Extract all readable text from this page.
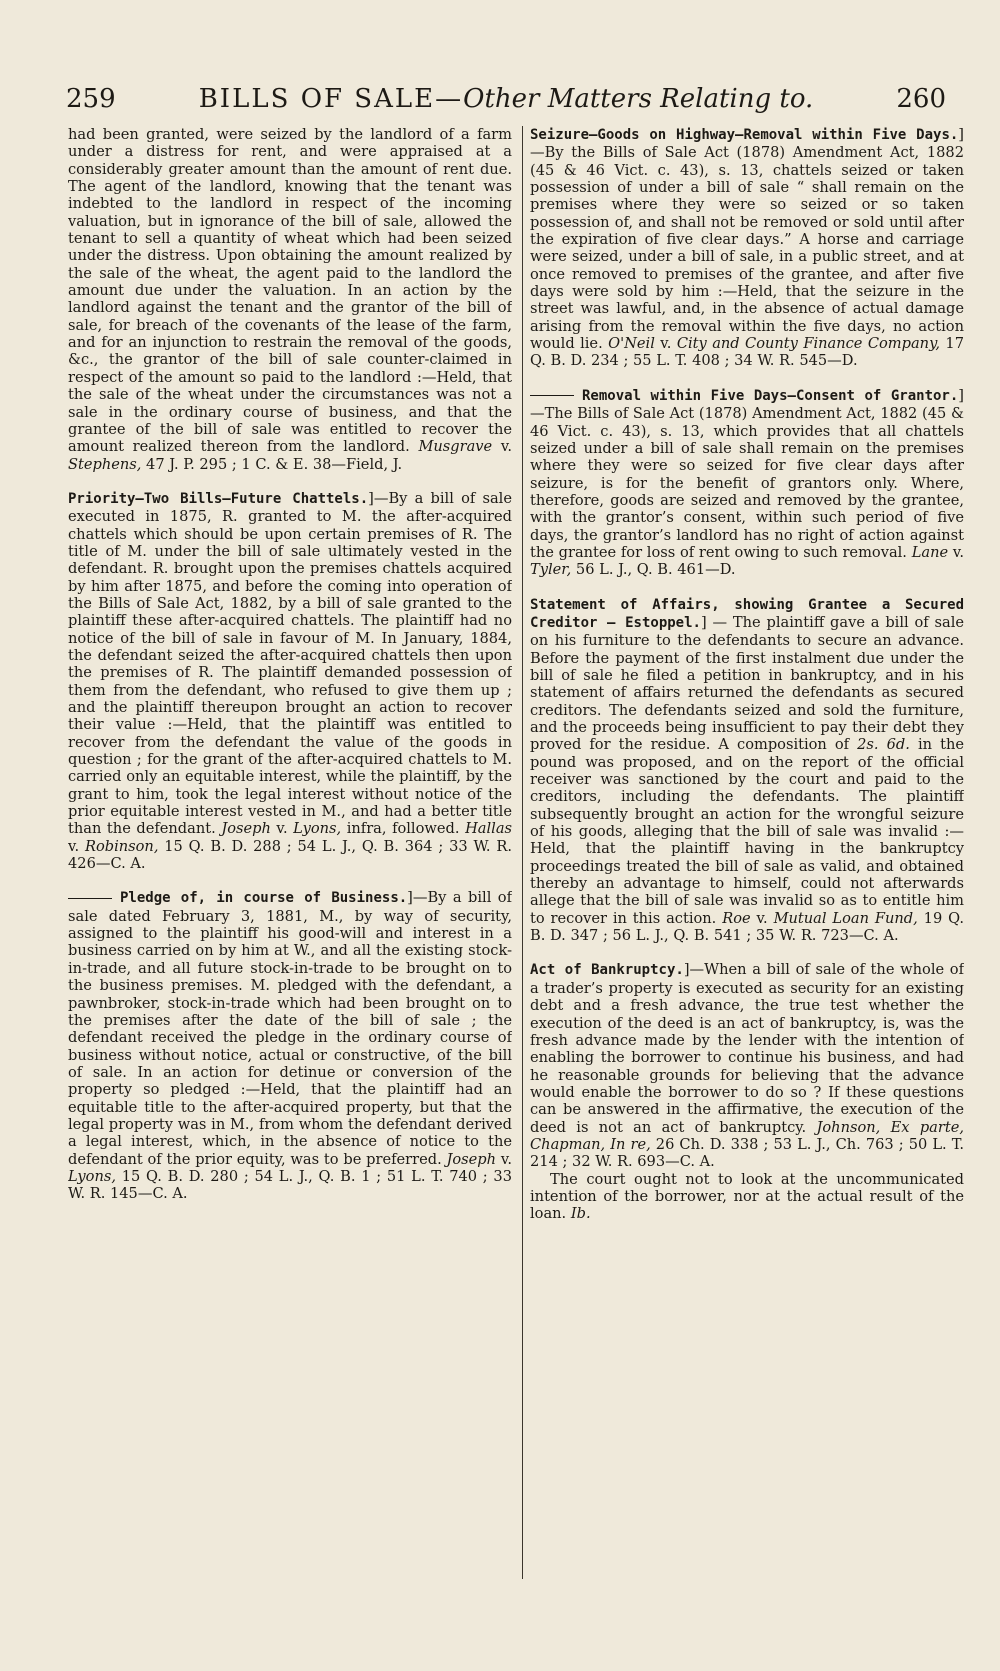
259	BILLS OF SALE—Other Matters Relating to.	260

had been granted, were seized by the landlord of a farm under a distress for rent, and were appraised at a considerably greater amount than the amount of rent due. The agent of the landlord, knowing that the tenant was indebted to the landlord in respect of the incoming valuation, but in ignorance of the bill of sale, allowed the tenant to sell a quantity of wheat which had been seized under the distress. Upon obtaining the amount realized by the sale of the wheat, the agent paid to the landlord the amount due under the valuation. In an action by the landlord against the tenant and the grantor of the bill of sale, for breach of the covenants of the lease of the farm, and for an injunction to restrain the removal of the goods, &c., the grantor of the bill of sale counter-claimed in respect of the amount so paid to the landlord :—Held, that the sale of the wheat under the circumstances was not a sale in the ordinary course of business, and that the grantee of the bill of sale was entitled to recover the amount realized thereon from the landlord. Musgrave v. Stephens, 47 J. P. 295 ; 1 C. & E. 38—Field, J.

Priority—Two Bills—Future Chattels.]—By a bill of sale executed in 1875, R. granted to M. the after-acquired chattels which should be upon certain premises of R. The title of M. under the bill of sale ultimately vested in the defendant. R. brought upon the premises chattels acquired by him after 1875, and before the coming into operation of the Bills of Sale Act, 1882, by a bill of sale granted to the plaintiff these after-acquired chattels. The plaintiff had no notice of the bill of sale in favour of M. In January, 1884, the defendant seized the after-acquired chattels then upon the premises of R. The plaintiff demanded possession of them from the defendant, who refused to give them up ; and the plaintiff thereupon brought an action to recover their value :—Held, that the plaintiff was entitled to recover from the defendant the value of the goods in question ; for the grant of the after-acquired chattels to M. carried only an equitable interest, while the plaintiff, by the grant to him, took the legal interest without notice of the prior equitable interest vested in M., and had a better title than the defendant. Joseph v. Lyons, infra, followed. Hallas v. Robinson, 15 Q. B. D. 288 ; 54 L. J., Q. B. 364 ; 33 W. R. 426—C. A.

Pledge of, in course of Business.]—By a bill of sale dated February 3, 1881, M., by way of security, assigned to the plaintiff his good-will and interest in a business carried on by him at W., and all the existing stock-in-trade, and all future stock-in-trade to be brought on to the business premises. M. pledged with the defendant, a pawnbroker, stock-in-trade which had been brought on to the premises after the date of the bill of sale ; the defendant received the pledge in the ordinary course of business without notice, actual or constructive, of the bill of sale. In an action for detinue or conversion of the property so pledged :—Held, that the plaintiff had an equitable title to the after-acquired property, but that the legal property was in M., from whom the defendant derived a legal interest, which, in the absence of notice to the defendant of the prior equity, was to be preferred. Joseph v. Lyons, 15 Q. B. D. 280 ; 54 L. J., Q. B. 1 ; 51 L. T. 740 ; 33 W. R. 145—C. A.

Seizure—Goods on Highway—Removal within Five Days.]—By the Bills of Sale Act (1878) Amendment Act, 1882 (45 & 46 Vict. c. 43), s. 13, chattels seized or taken possession of under a bill of sale “ shall remain on the premises where they were so seized or so taken possession of, and shall not be removed or sold until after the expiration of five clear days.” A horse and carriage were seized, under a bill of sale, in a public street, and at once removed to premises of the grantee, and after five days were sold by him :—Held, that the seizure in the street was lawful, and, in the absence of actual damage arising from the removal within the five days, no action would lie. O'Neil v. City and County Finance Company, 17 Q. B. D. 234 ; 55 L. T. 408 ; 34 W. R. 545—D.

Removal within Five Days—Consent of Grantor.]—The Bills of Sale Act (1878) Amendment Act, 1882 (45 & 46 Vict. c. 43), s. 13, which provides that all chattels seized under a bill of sale shall remain on the premises where they were so seized for five clear days after seizure, is for the benefit of grantors only. Where, therefore, goods are seized and removed by the grantee, with the grantor’s consent, within such period of five days, the grantor’s landlord has no right of action against the grantee for loss of rent owing to such removal. Lane v. Tyler, 56 L. J., Q. B. 461—D.

Statement of Affairs, showing Grantee a Secured Creditor — Estoppel.] — The plaintiff gave a bill of sale on his furniture to the defendants to secure an advance. Before the payment of the first instalment due under the bill of sale he filed a petition in bankruptcy, and in his statement of affairs returned the defendants as secured creditors. The defendants seized and sold the furniture, and the proceeds being insufficient to pay their debt they proved for the residue. A composition of 2s. 6d. in the pound was proposed, and on the report of the official receiver was sanctioned by the court and paid to the creditors, including the defendants. The plaintiff subsequently brought an action for the wrongful seizure of his goods, alleging that the bill of sale was invalid :—Held, that the plaintiff having in the bankruptcy proceedings treated the bill of sale as valid, and obtained thereby an advantage to himself, could not afterwards allege that the bill of sale was invalid so as to entitle him to recover in this action. Roe v. Mutual Loan Fund, 19 Q. B. D. 347 ; 56 L. J., Q. B. 541 ; 35 W. R. 723—C. A.

Act of Bankruptcy.]—When a bill of sale of the whole of a trader’s property is executed as security for an existing debt and a fresh advance, the true test whether the execution of the deed is an act of bankruptcy, is, was the fresh advance made by the lender with the intention of enabling the borrower to continue his business, and had he reasonable grounds for believing that the advance would enable the borrower to do so ? If these questions can be answered in the affirmative, the execution of the deed is not an act of bankruptcy. Johnson, Ex parte, Chapman, In re, 26 Ch. D. 338 ; 53 L. J., Ch. 763 ; 50 L. T. 214 ; 32 W. R. 693—C. A.

The court ought not to look at the uncommunicated intention of the borrower, nor at the actual result of the loan. Ib.
